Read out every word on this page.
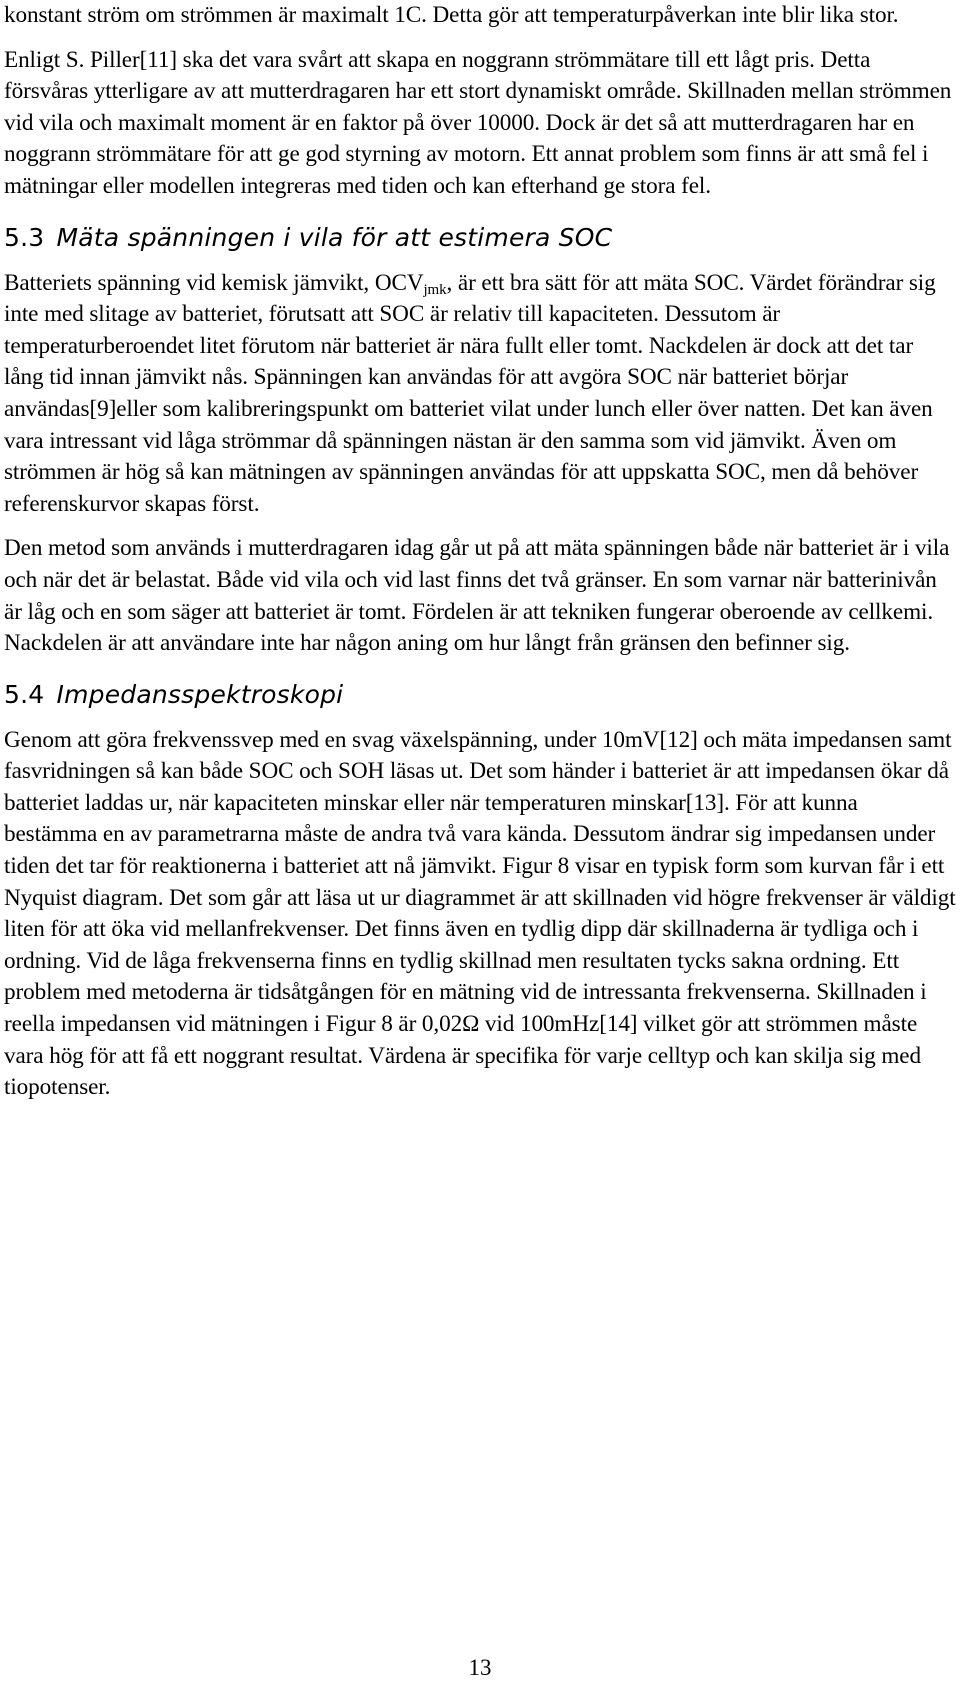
konstant ström om strömmen är maximalt 1C. Detta gör att temperaturpåverkan inte blir lika stor.

Enligt S. Piller[11] ska det vara svårt att skapa en noggrann strömmätare till ett lågt pris. Detta försvåras ytterligare av att mutterdragaren har ett stort dynamiskt område. Skillnaden mellan strömmen vid vila och maximalt moment är en faktor på över 10000. Dock är det så att mutterdragaren har en noggrann strömmätare för att ge god styrning av motorn. Ett annat problem som finns är att små fel i mätningar eller modellen integreras med tiden och kan efterhand ge stora fel.

5.3 Mäta spänningen i vila för att estimera SOC

Batteriets spänning vid kemisk jämvikt, $OCV_{jmk}$, är ett bra sätt för att mäta SOC. Värdet förändrar sig inte med slitage av batteriet, förutsatt att SOC är relativ till kapaciteten. Dessutom är temperaturberoendet litet förutom när batteriet är nära fullt eller tomt. Nackdelen är dock att det tar lång tid innan jämvikt nås. Spänningen kan användas för att avgöra SOC när batteriet börjar användas[9]eller som kalibreringspunkt om batteriet vilat under lunch eller över natten. Det kan även vara intressant vid låga strömmar då spänningen nästan är den samma som vid jämvikt. Även om strömmen är hög så kan mätningen av spänningen användas för att uppskatta SOC, men då behöver referenskurvor skapas först.

Den metod som används i mutterdragaren idag går ut på att mäta spänningen både när batteriet är i vila och när det är belastat. Både vid vila och vid last finns det två gränser. En som varnar när batterinivån är låg och en som säger att batteriet är tomt. Fördelen är att tekniken fungerar oberoende av cellkemi. Nackdelen är att användare inte har någon aning om hur långt från gränsen den befinner sig.

5.4 Impedansspektroskopi

Genom att göra frekvenssvep med en svag växelspänning, under 10mV[12] och mäta impedansen samt fasvridningen så kan både SOC och SOH läsas ut. Det som händer i batteriet är att impedansen ökar då batteriet laddas ur, när kapaciteten minskar eller när temperaturen minskar[13]. För att kunna bestämma en av parametrarna måste de andra två vara kända. Dessutom ändrar sig impedansen under tiden det tar för reaktionerna i batteriet att nå jämvikt. Figur 8 visar en typisk form som kurvan får i ett Nyquist diagram. Det som går att läsa ut ur diagrammet är att skillnaden vid högre frekvenser är väldigt liten för att öka vid mellanfrekvenser. Det finns även en tydlig dipp där skillnaderna är tydliga och i ordning. Vid de låga frekvenserna finns en tydlig skillnad men resultaten tycks sakna ordning. Ett problem med metoderna är tidsåtgången för en mätning vid de intressanta frekvenserna. Skillnaden i reella impedansen vid mätningen i Figur 8 är 0,02Ω vid 100mHz[14] vilket gör att strömmen måste vara hög för att få ett noggrant resultat. Värdena är specifika för varje celltyp och kan skilja sig med tiopotenser.

13
